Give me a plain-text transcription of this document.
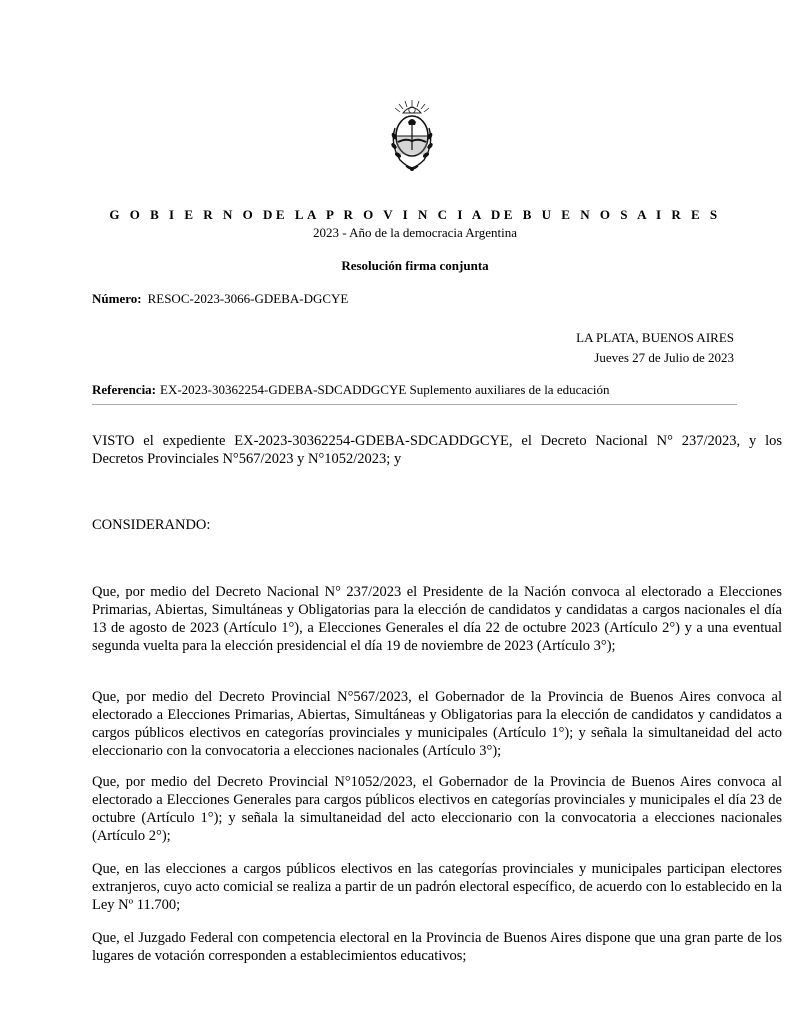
G O B I E R N O DE LA P R O V I N C I A DE B U E N O S A I R E S
2023 - Año de la democracia Argentina
Resolución firma conjunta
Número: RESOC-2023-3066-GDEBA-DGCYE
LA PLATA, BUENOS AIRES
Jueves 27 de Julio de 2023
Referencia: EX-2023-30362254-GDEBA-SDCADDGCYE Suplemento auxiliares de la educación
VISTO el expediente EX-2023-30362254-GDEBA-SDCADDGCYE, el Decreto Nacional N° 237/2023, y los Decretos Provinciales N°567/2023 y N°1052/2023; y
CONSIDERANDO:
Que, por medio del Decreto Nacional N° 237/2023 el Presidente de la Nación convoca al electorado a Elecciones Primarias, Abiertas, Simultáneas y Obligatorias para la elección de candidatos y candidatas a cargos nacionales el día 13 de agosto de 2023 (Artículo 1°), a Elecciones Generales el día 22 de octubre 2023 (Artículo 2°) y a una eventual segunda vuelta para la elección presidencial el día 19 de noviembre de 2023 (Artículo 3°);
Que, por medio del Decreto Provincial N°567/2023, el Gobernador de la Provincia de Buenos Aires convoca al electorado a Elecciones Primarias, Abiertas, Simultáneas y Obligatorias para la elección de candidatos y candidatos a cargos públicos electivos en categorías provinciales y municipales (Artículo 1°); y señala la simultaneidad del acto eleccionario con la convocatoria a elecciones nacionales (Artículo 3°);
Que, por medio del Decreto Provincial N°1052/2023, el Gobernador de la Provincia de Buenos Aires convoca al electorado a Elecciones Generales para cargos públicos electivos en categorías provinciales y municipales el día 23 de octubre (Artículo 1°); y señala la simultaneidad del acto eleccionario con la convocatoria a elecciones nacionales (Artículo 2°);
Que, en las elecciones a cargos públicos electivos en las categorías provinciales y municipales participan electores extranjeros, cuyo acto comicial se realiza a partir de un padrón electoral específico, de acuerdo con lo establecido en la Ley Nº 11.700;
Que, el Juzgado Federal con competencia electoral en la Provincia de Buenos Aires dispone que una gran parte de los lugares de votación corresponden a establecimientos educativos;
